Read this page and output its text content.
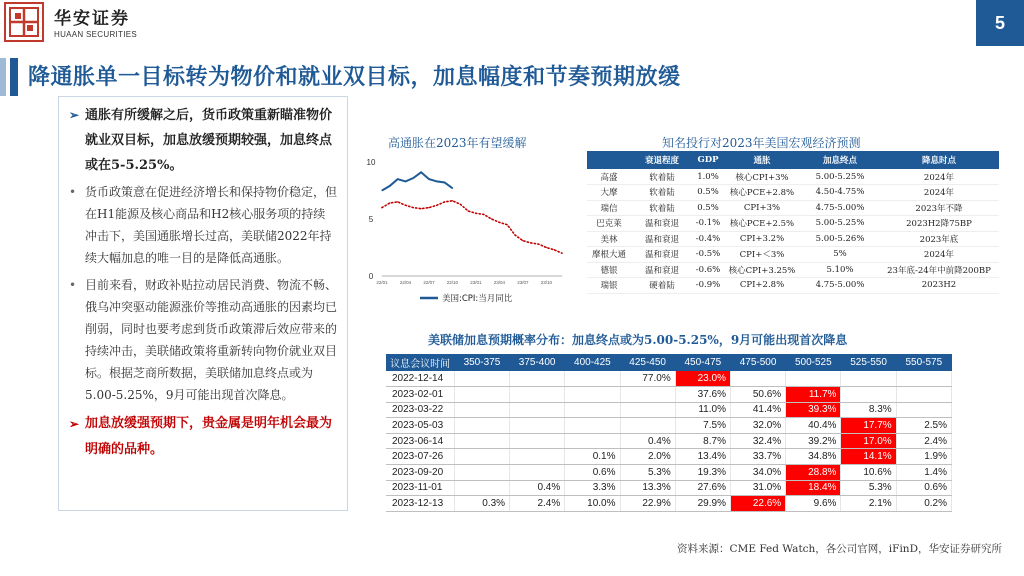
华安证券
HUAAN SECURITIES
5
降通胀单一目标转为物价和就业双目标，加息幅度和节奏预期放缓
➢ 通胀有所缓解之后，货币政策重新瞄准物价就业双目标，加息放缓预期较强，加息终点或在5-5.25%。
• 货币政策意在促进经济增长和保持物价稳定，但在H1能源及核心商品和H2核心服务项的持续冲击下，美国通胀增长过高，美联储2022年持续大幅加息的唯一目的是降低高通胀。
• 目前来看，财政补贴拉动居民消费、物流不畅、俄乌冲突驱动能源涨价等推动高通胀的因素均已削弱，同时也要考虑到货币政策滞后效应带来的持续冲击，美联储政策将重新转向物价就业双目标。根据芝商所数据，美联储加息终点或为5.00-5.25%，9月可能出现首次降息。
➢ 加息放缓强预期下，贵金属是明年机会最为明确的品种。
高通胀在2023年有望缓解
0
5
10
22/01	22/04	22/07	22/10	23/01	23/04	23/07	23/10
美国:CPI:当月同比
知名投行对2023年美国宏观经济预测
	衰退程度	GDP	通胀	加息终点	降息时点
高盛	软着陆	1.0%	核心CPI+3%	5.00-5.25%	2024年
大摩	软着陆	0.5%	核心PCE+2.8%	4.50-4.75%	2024年
瑞信	软着陆	0.5%	CPI+3%	4.75-5.00%	2023年不降
巴克莱	温和衰退	-0.1%	核心PCE+2.5%	5.00-5.25%	2023H2降75BP
美林	温和衰退	-0.4%	CPI+3.2%	5.00-5.26%	2023年底
摩根大通	温和衰退	-0.5%	CPI+＜3%	5%	2024年
德银	温和衰退	-0.6%	核心CPI+3.25%	5.10%	23年底-24年中前降200BP
瑞银	硬着陆	-0.9%	CPI+2.8%	4.75-5.00%	2023H2
美联储加息预期概率分布：加息终点或为5.00-5.25%，9月可能出现首次降息
议息会议时间	350-375	375-400	400-425	425-450	450-475	475-500	500-525	525-550	550-575
2022-12-14				77.0%	23.0%				
2023-02-01					37.6%	50.6%	11.7%		
2023-03-22					11.0%	41.4%	39.3%	8.3%	
2023-05-03					7.5%	32.0%	40.4%	17.7%	2.5%
2023-06-14				0.4%	8.7%	32.4%	39.2%	17.0%	2.4%
2023-07-26			0.1%	2.0%	13.4%	33.7%	34.8%	14.1%	1.9%
2023-09-20			0.6%	5.3%	19.3%	34.0%	28.8%	10.6%	1.4%
2023-11-01		0.4%	3.3%	13.3%	27.6%	31.0%	18.4%	5.3%	0.6%
2023-12-13	0.3%	2.4%	10.0%	22.9%	29.9%	22.6%	9.6%	2.1%	0.2%
资料来源：CME Fed Watch，各公司官网，iFinD，华安证券研究所
